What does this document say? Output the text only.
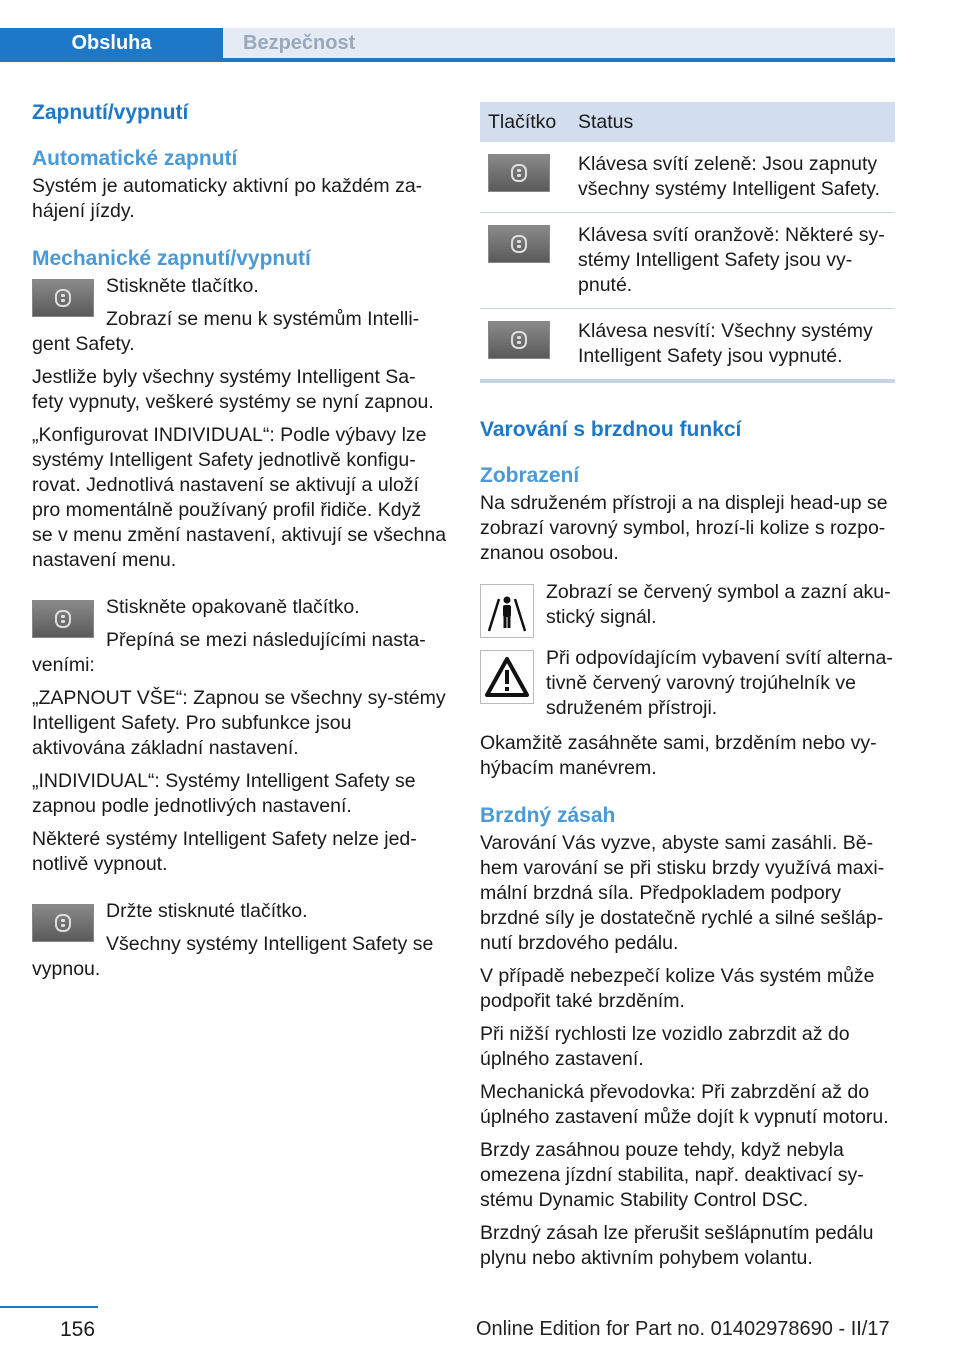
Obsluha	Bezpečnost
Zapnutí/vypnutí
Automatické zapnutí

Systém je automaticky aktivní po každém za-hájení jízdy.

Mechanické zapnutí/vypnutí

Stiskněte tlačítko.

Zobrazí se menu k systémům Intelli-gent Safety.

Jestliže byly všechny systémy Intelligent Sa-fety vypnuty, veškeré systémy se nyní zapnou.

„Konfigurovat INDIVIDUAL“: Podle výbavy lze systémy Intelligent Safety jednotlivě konfigu-rovat. Jednotlivá nastavení se aktivují a uloží pro momentálně používaný profil řidiče. Když se v menu změní nastavení, aktivují se všechna nastavení menu.

Stiskněte opakovaně tlačítko.

Přepíná se mezi následujícími nasta-veními:

„ZAPNOUT VŠE“: Zapnou se všechny sy-stémy Intelligent Safety. Pro subfunkce jsou aktivována základní nastavení.

„INDIVIDUAL“: Systémy Intelligent Safety se zapnou podle jednotlivých nastavení.

Některé systémy Intelligent Safety nelze jed-notlivě vypnout.

Držte stisknuté tlačítko.

Všechny systémy Intelligent Safety se vypnou.

Tlačítko	Status

	Klávesa svítí zeleně: Jsou zapnuty všechny systémy Intelligent Safety.

	Klávesa svítí oranžově: Některé sy-stémy Intelligent Safety jsou vy-pnuté.

	Klávesa nesvítí: Všechny systémy Intelligent Safety jsou vypnuté.
Varování s brzdnou funkcí
Zobrazení

Na sdruženém přístroji a na displeji head-up se zobrazí varovný symbol, hrozí-li kolize s rozpo-znanou osobou.

Zobrazí se červený symbol a zazní aku-stický signál.

Při odpovídajícím vybavení svítí alterna-tivně červený varovný trojúhelník ve sdruženém přístroji.

Okamžitě zasáhněte sami, brzděním nebo vy-hýbacím manévrem.

Brzdný zásah

Varování Vás vyzve, abyste sami zasáhli. Bě-hem varování se při stisku brzdy využívá maxi-mální brzdná síla. Předpokladem podpory brzdné síly je dostatečně rychlé a silné sešláp-nutí brzdového pedálu.

V případě nebezpečí kolize Vás systém může podpořit také brzděním.

Při nižší rychlosti lze vozidlo zabrzdit až do úplného zastavení.

Mechanická převodovka: Při zabrzdění až do úplného zastavení může dojít k vypnutí motoru.

Brzdy zasáhnou pouze tehdy, když nebyla omezena jízdní stabilita, např. deaktivací sy-stému Dynamic Stability Control DSC.

Brzdný zásah lze přerušit sešlápnutím pedálu plynu nebo aktivním pohybem volantu.

156	Online Edition for Part no. 01402978690 - II/17
